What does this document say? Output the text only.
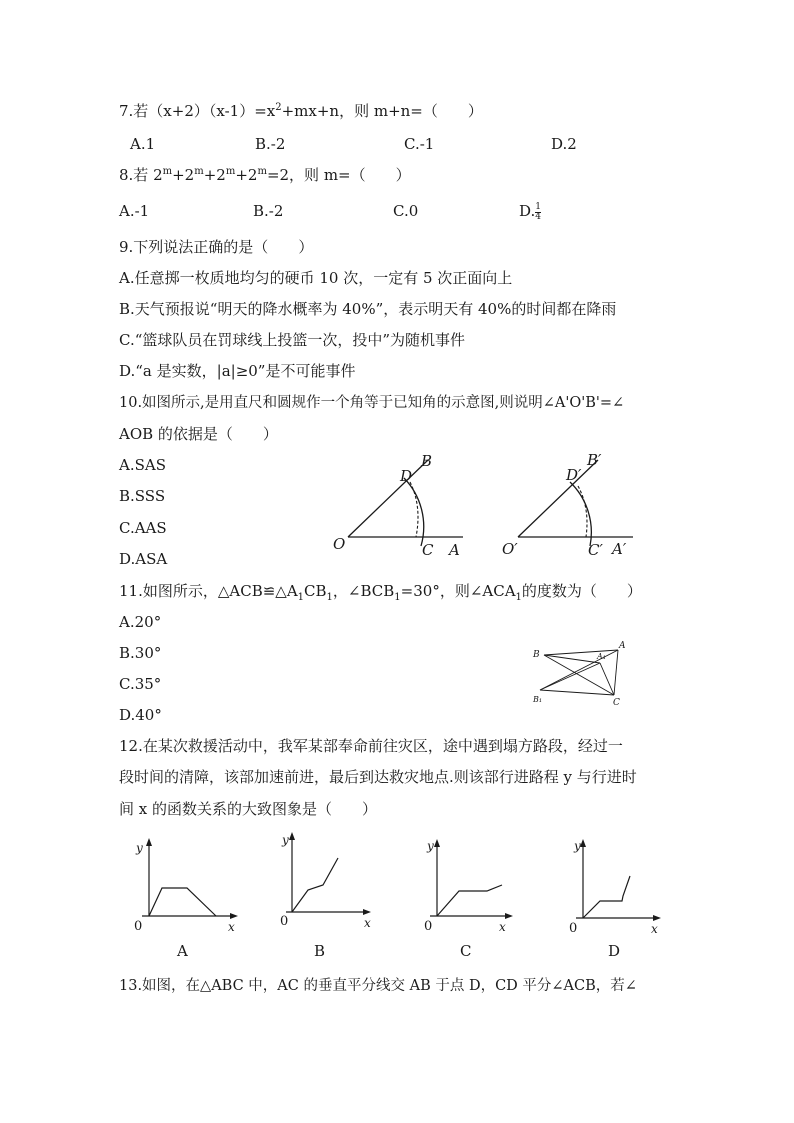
7.若$(x+2)(x-1)=x^2+mx+n$，则 m+n=（　　）
A.1	B.-2	C.-1	D.2
8.若 $2^m+2^m+2^m+2^m=2$，则 m=（　　）
A.-1	B.-2	C.0	D. $\frac{1}{4}$
9.下列说法正确的是（　　）
A.任意掷一枚质地均匀的硬币 10 次，一定有 5 次正面向上
B.天气预报说“明天的降水概率为 40%”，表示明天有 40%的时间都在降雨
C.“篮球队员在罚球线上投篮一次，投中”为随机事件
D.“a 是实数，|a|≥0”是不可能事件
10.如图所示,是用直尺和圆规作一个角等于已知角的示意图,则说明∠A'O'B'=∠
AOB 的依据是（　　）
A.SAS
B.SSS
C.AAS
D.ASA
B
D
O	C A
B′
D′
O′	C′ A′
11.如图所示，$\triangle ACB≌\triangle A_1CB_1$，$\angle BCB_1=30^\circ$，则$\angle ACA_1$的度数为（　　）
A.20°
B.30°
C.35°
D.40°
B	A₁
A
B₁	C
12.在某次救援活动中，我军某部奉命前往灾区，途中遇到塌方路段，经过一
段时间的清障，该部加速前进，最后到达救灾地点.则该部行进路程 y 与行进时
间 x 的函数关系的大致图象是（　　）
y
x
0
A
y
x
0
B
y
x
0
C
y
x
0
D
13.如图，在△ABC 中，AC 的垂直平分线交 AB 于点 D，CD 平分∠ACB，若∠
